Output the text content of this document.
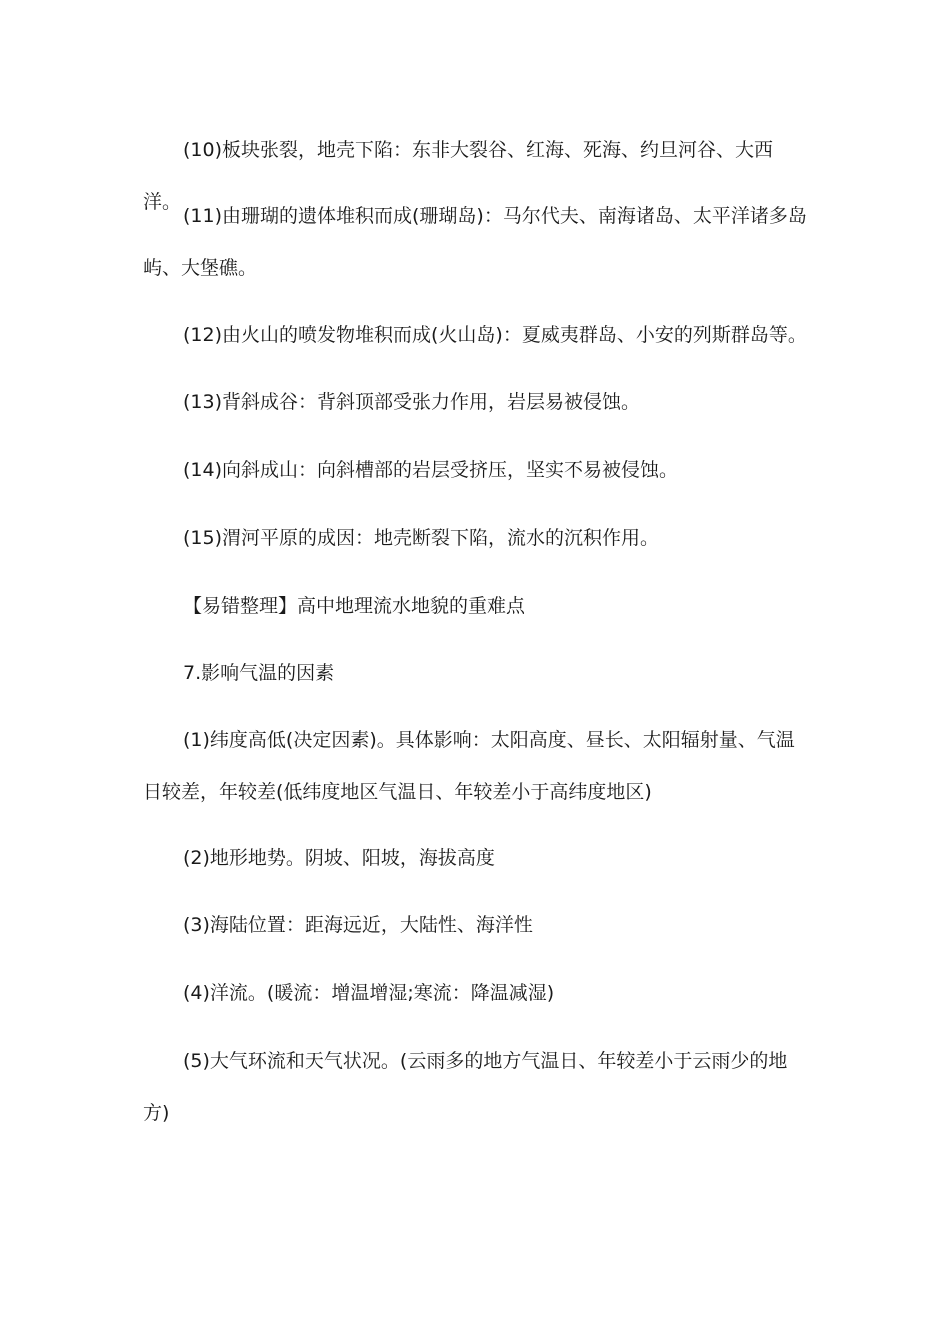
(10)板块张裂，地壳下陷：东非大裂谷、红海、死海、约旦河谷、大西洋。

(11)由珊瑚的遗体堆积而成(珊瑚岛)：马尔代夫、南海诸岛、太平洋诸多岛屿、大堡礁。

(12)由火山的喷发物堆积而成(火山岛)：夏威夷群岛、小安的列斯群岛等。

(13)背斜成谷：背斜顶部受张力作用，岩层易被侵蚀。

(14)向斜成山：向斜槽部的岩层受挤压，坚实不易被侵蚀。

(15)渭河平原的成因：地壳断裂下陷，流水的沉积作用。

【易错整理】高中地理流水地貌的重难点

7.影响气温的因素

(1)纬度高低(决定因素)。具体影响：太阳高度、昼长、太阳辐射量、气温日较差，年较差(低纬度地区气温日、年较差小于高纬度地区)

(2)地形地势。阴坡、阳坡，海拔高度

(3)海陆位置：距海远近，大陆性、海洋性

(4)洋流。(暖流：增温增湿;寒流：降温减湿)

(5)大气环流和天气状况。(云雨多的地方气温日、年较差小于云雨少的地方)
